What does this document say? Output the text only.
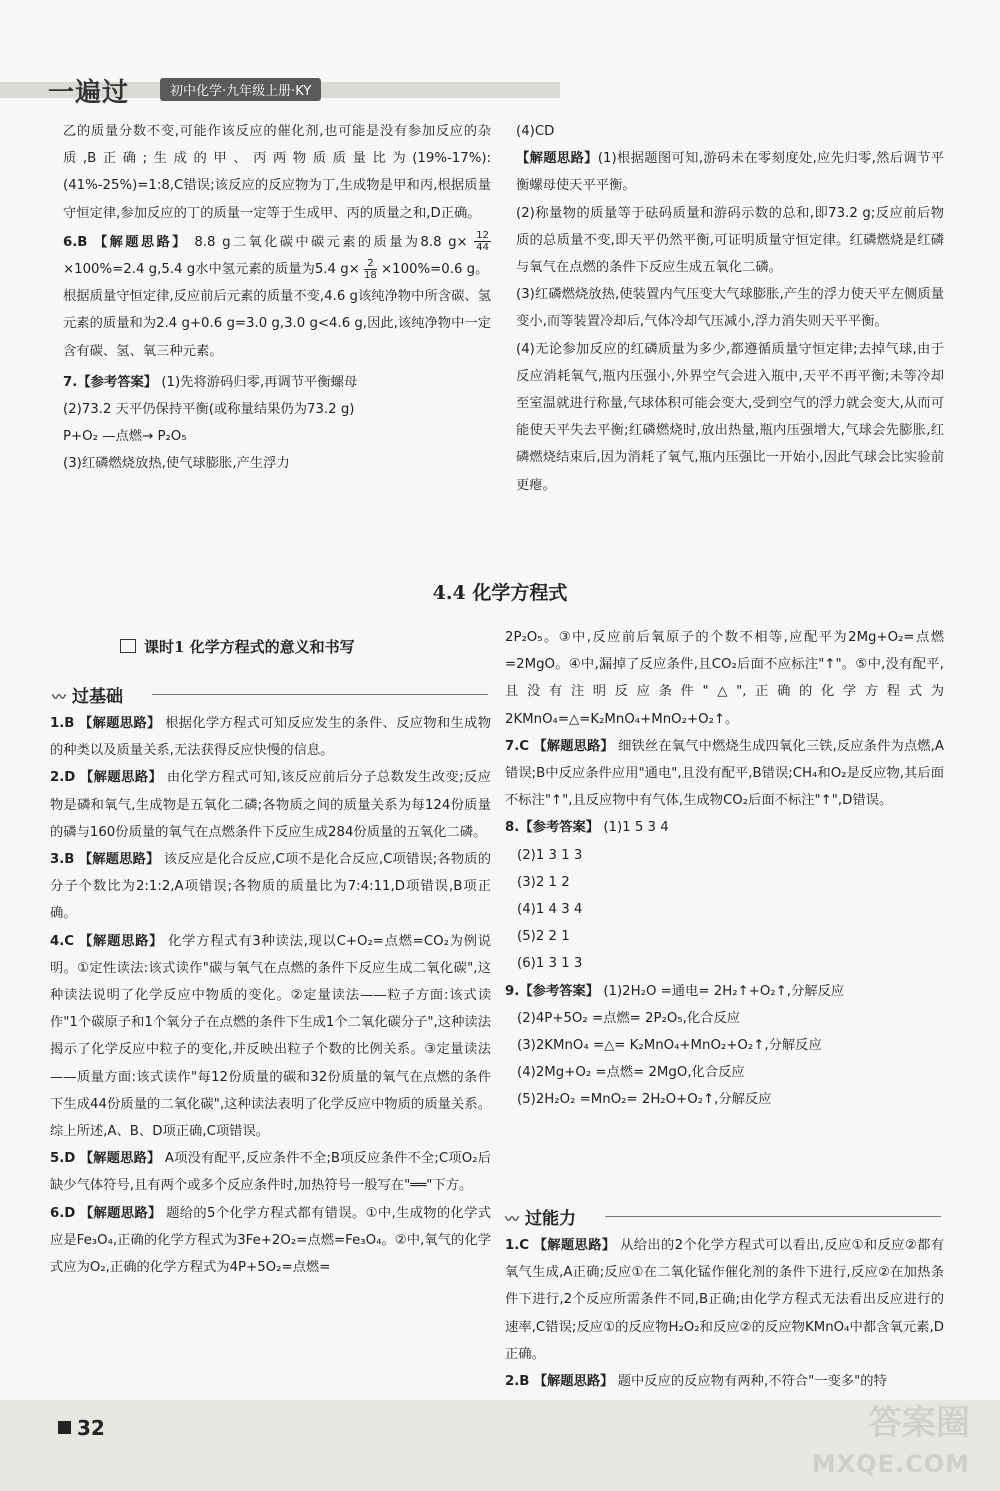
一遍过	初中化学·九年级上册·KY

乙的质量分数不变,可能作该反应的催化剂,也可能是没有参加反应的杂质,B正确;生成的甲、丙两物质质量比为(19%-17%):(41%-25%)=1:8,C错误;该反应的反应物为丁,生成物是甲和丙,根据质量守恒定律,参加反应的丁的质量一定等于生成甲、丙的质量之和,D正确。

6.B 【解题思路】 8.8 g二氧化碳中碳元素的质量为8.8 $g\times \frac{12}{44}$
×100%=2.4 g,5.4 g水中氢元素的质量为5.4 $g\times \frac{2}{18} \times 100\%=0.6$ g。

根据质量守恒定律,反应前后元素的质量不变,4.6 g该纯净物中所含碳、氢元素的质量和为2.4 g+0.6 g=3.0 g,3.0 g<4.6 g,因此,该纯净物中一定含有碳、氢、氧三种元素。

7.【参考答案】 (1)先将游码归零,再调节平衡螺母

(2)73.2 天平仍保持平衡(或称量结果仍为73.2 g)

P+O₂ —点燃→ P₂O₅

(3)红磷燃烧放热,使气球膨胀,产生浮力

(4)CD

【解题思路】(1)根据题图可知,游码未在零刻度处,应先归零,然后调节平衡螺母使天平平衡。

(2)称量物的质量等于砝码质量和游码示数的总和,即73.2 g;反应前后物质的总质量不变,即天平仍然平衡,可证明质量守恒定律。红磷燃烧是红磷与氧气在点燃的条件下反应生成五氧化二磷。

(3)红磷燃烧放热,使装置内气压变大气球膨胀,产生的浮力使天平左侧质量变小,而等装置冷却后,气体冷却气压减小,浮力消失则天平平衡。

(4)无论参加反应的红磷质量为多少,都遵循质量守恒定律;去掉气球,由于反应消耗氧气,瓶内压强小,外界空气会进入瓶中,天平不再平衡;未等冷却至室温就进行称量,气球体积可能会变大,受到空气的浮力就会变大,从而可能使天平失去平衡;红磷燃烧时,放出热量,瓶内压强增大,气球会先膨胀,红磷燃烧结束后,因为消耗了氧气,瓶内压强比一开始小,因此气球会比实验前更瘪。

4.4 化学方程式
课时1 化学方程式的意义和书写
〰 过基础

1.B 【解题思路】 根据化学方程式可知反应发生的条件、反应物和生成物的种类以及质量关系,无法获得反应快慢的信息。

2.D 【解题思路】 由化学方程式可知,该反应前后分子总数发生改变;反应物是磷和氧气,生成物是五氧化二磷;各物质之间的质量关系为每124份质量的磷与160份质量的氧气在点燃条件下反应生成284份质量的五氧化二磷。

3.B 【解题思路】 该反应是化合反应,C项不是化合反应,C项错误;各物质的分子个数比为2:1:2,A项错误;各物质的质量比为7:4:11,D项错误,B项正确。

4.C 【解题思路】 化学方程式有3种读法,现以C+O₂=点燃=CO₂为例说明。①定性读法:该式读作"碳与氧气在点燃的条件下反应生成二氧化碳",这种读法说明了化学反应中物质的变化。②定量读法——粒子方面:该式读作"1个碳原子和1个氧分子在点燃的条件下生成1个二氧化碳分子",这种读法揭示了化学反应中粒子的变化,并反映出粒子个数的比例关系。③定量读法——质量方面:该式读作"每12份质量的碳和32份质量的氧气在点燃的条件下生成44份质量的二氧化碳",这种读法表明了化学反应中物质的质量关系。综上所述,A、B、D项正确,C项错误。

5.D 【解题思路】 A项没有配平,反应条件不全;B项反应条件不全;C项O₂后缺少气体符号,且有两个或多个反应条件时,加热符号一般写在"══"下方。

6.D 【解题思路】 题给的5个化学方程式都有错误。①中,生成物的化学式应是Fe₃O₄,正确的化学方程式为3Fe+2O₂=点燃=Fe₃O₄。②中,氧气的化学式应为O₂,正确的化学方程式为4P+5O₂=点燃=

2P₂O₅。③中,反应前后氧原子的个数不相等,应配平为2Mg+O₂=点燃=2MgO。④中,漏掉了反应条件,且CO₂后面不应标注"↑"。⑤中,没有配平,且没有注明反应条件"△",正确的化学方程式为2KMnO₄=△=K₂MnO₄+MnO₂+O₂↑。

7.C 【解题思路】 细铁丝在氧气中燃烧生成四氧化三铁,反应条件为点燃,A错误;B中反应条件应用"通电",且没有配平,B错误;CH₄和O₂是反应物,其后面不标注"↑",且反应物中有气体,生成物CO₂后面不标注"↑",D错误。

8.【参考答案】 (1)1 5 3 4

(2)1 3 1 3

(3)2 1 2

(4)1 4 3 4

(5)2 2 1

(6)1 3 1 3

9.【参考答案】 (1)2H₂O =通电= 2H₂↑+O₂↑,分解反应

(2)4P+5O₂ =点燃= 2P₂O₅,化合反应

(3)2KMnO₄ =△= K₂MnO₄+MnO₂+O₂↑,分解反应

(4)2Mg+O₂ =点燃= 2MgO,化合反应

(5)2H₂O₂ =MnO₂= 2H₂O+O₂↑,分解反应

〰 过能力

1.C 【解题思路】 从给出的2个化学方程式可以看出,反应①和反应②都有氧气生成,A正确;反应①在二氧化锰作催化剂的条件下进行,反应②在加热条件下进行,2个反应所需条件不同,B正确;由化学方程式无法看出反应进行的速率,C错误;反应①的反应物H₂O₂和反应②的反应物KMnO₄中都含氧元素,D正确。

2.B 【解题思路】 题中反应的反应物有两种,不符合"一变多"的特

32	答案圈
MXQE.COM
